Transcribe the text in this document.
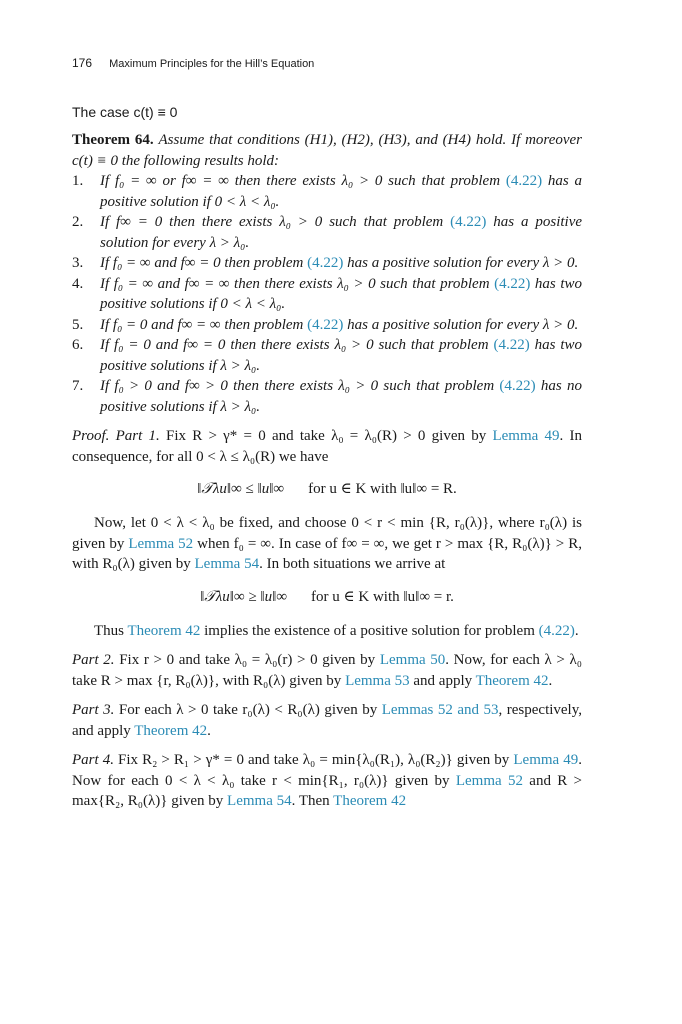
176 Maximum Principles for the Hill’s Equation
The case c(t) ≡ 0
Theorem 64. Assume that conditions (H1), (H2), (H3), and (H4) hold. If moreover c(t) ≡ 0 the following results hold:
1. If f₀ = ∞ or f∞ = ∞ then there exists λ₀ > 0 such that problem (4.22) has a positive solution if 0 < λ < λ₀.
2. If f∞ = 0 then there exists λ₀ > 0 such that problem (4.22) has a positive solution for every λ > λ₀.
3. If f₀ = ∞ and f∞ = 0 then problem (4.22) has a positive solution for every λ > 0.
4. If f₀ = ∞ and f∞ = ∞ then there exists λ₀ > 0 such that problem (4.22) has two positive solutions if 0 < λ < λ₀.
5. If f₀ = 0 and f∞ = ∞ then problem (4.22) has a positive solution for every λ > 0.
6. If f₀ = 0 and f∞ = 0 then there exists λ₀ > 0 such that problem (4.22) has two positive solutions if λ > λ₀.
7. If f₀ > 0 and f∞ > 0 then there exists λ₀ > 0 such that problem (4.22) has no positive solutions if λ > λ₀.
Proof. Part 1. Fix R > γ* = 0 and take λ₀ = λ₀(R) > 0 given by Lemma 49. In consequence, for all 0 < λ ≤ λ₀(R) we have
‖𝒯λu‖∞ ≤ ‖u‖∞ for u ∈ K with ‖u‖∞ = R.
Now, let 0 < λ < λ₀ be fixed, and choose 0 < r < min {R, r₀(λ)}, where r₀(λ) is given by Lemma 52 when f₀ = ∞. In case of f∞ = ∞, we get r > max {R, R₀(λ)} > R, with R₀(λ) given by Lemma 54. In both situations we arrive at
‖𝒯λu‖∞ ≥ ‖u‖∞ for u ∈ K with ‖u‖∞ = r.
Thus Theorem 42 implies the existence of a positive solution for problem (4.22).
Part 2. Fix r > 0 and take λ₀ = λ₀(r) > 0 given by Lemma 50. Now, for each λ > λ₀ take R > max {r, R₀(λ)}, with R₀(λ) given by Lemma 53 and apply Theorem 42.
Part 3. For each λ > 0 take r₀(λ) < R₀(λ) given by Lemmas 52 and 53, respectively, and apply Theorem 42.
Part 4. Fix R₂ > R₁ > γ* = 0 and take λ₀ = min{λ₀(R₁), λ₀(R₂)} given by Lemma 49. Now for each 0 < λ < λ₀ take r < min{R₁, r₀(λ)} given by Lemma 52 and R > max{R₂, R₀(λ)} given by Lemma 54. Then Theorem 42
